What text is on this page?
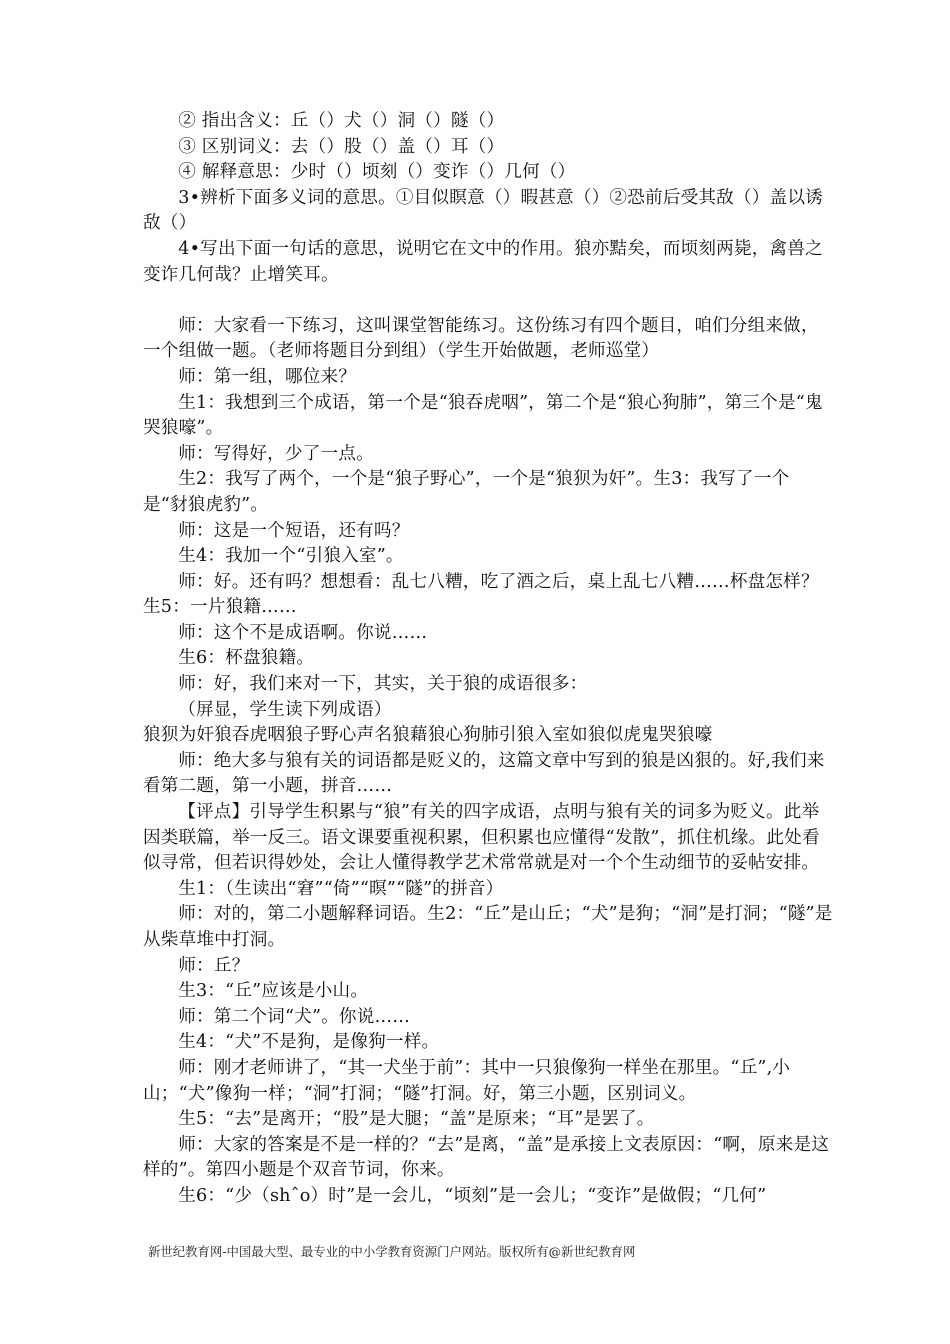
② 指出含义：丘（）犬（）洞（）隧（）

③ 区别词义：去（）股（）盖（）耳（）

④ 解释意思：少时（）顷刻（）变诈（）几何（）

3•辨析下面多义词的意思。①目似瞑意（）暇甚意（）②恐前后受其敌（）盖以诱敌（）

4•写出下面一句话的意思，说明它在文中的作用。狼亦黠矣，而顷刻两毙，禽兽之变诈几何哉？止增笑耳。

师：大家看一下练习，这叫课堂智能练习。这份练习有四个题目，咱们分组来做，一个组做一题。（老师将题目分到组）（学生开始做题，老师巡堂）

师：第一组，哪位来？

生1：我想到三个成语，第一个是“狼吞虎咽”，第二个是“狼心狗肺”，第三个是“鬼哭狼嚎”。

师：写得好，少了一点。

生2：我写了两个，一个是“狼子野心”，一个是“狼狈为奸”。生3：我写了一个是“豺狼虎豹”。

师：这是一个短语，还有吗？

生4：我加一个“引狼入室”。

师：好。还有吗？想想看：乱七八糟，吃了酒之后，桌上乱七八糟……杯盘怎样？生5：一片狼籍……

师：这个不是成语啊。你说……

生6：杯盘狼籍。

师：好，我们来对一下，其实，关于狼的成语很多：

（屏显，学生读下列成语）

狼狈为奸狼吞虎咽狼子野心声名狼藉狼心狗肺引狼入室如狼似虎鬼哭狼嚎

师：绝大多与狼有关的词语都是贬义的，这篇文章中写到的狼是凶狠的。好,我们来看第二题，第一小题，拼音……

【评点】引导学生积累与“狼”有关的四字成语，点明与狼有关的词多为贬义。此举因类联篇，举一反三。语文课要重视积累，但积累也应懂得“发散”，抓住机缘。此处看似寻常，但若识得妙处，会让人懂得教学艺术常常就是对一个个生动细节的妥帖安排。

生1：（生读出“窘”“倚”“暝”“隧”的拼音）

师：对的，第二小题解释词语。生2：“丘”是山丘；“犬”是狗；“洞”是打洞；“隧”是从柴草堆中打洞。

师：丘？

生3：“丘”应该是小山。

师：第二个词“犬”。你说……

生4：“犬”不是狗，是像狗一样。

师：刚才老师讲了，“其一犬坐于前”：其中一只狼像狗一样坐在那里。“丘”,小山；“犬”像狗一样；“洞”打洞；“隧”打洞。好，第三小题，区别词义。

生5：“去”是离开；“股”是大腿；“盖”是原来；“耳”是罢了。

师：大家的答案是不是一样的？“去”是离，“盖”是承接上文表原因：“啊，原来是这样的”。第四小题是个双音节词，你来。

生6：“少（shˆo）时”是一会儿，“顷刻”是一会儿；“变诈”是做假；“几何”

新世纪教育网-中国最大型、最专业的中小学教育资源门户网站。版权所有@新世纪教育网
